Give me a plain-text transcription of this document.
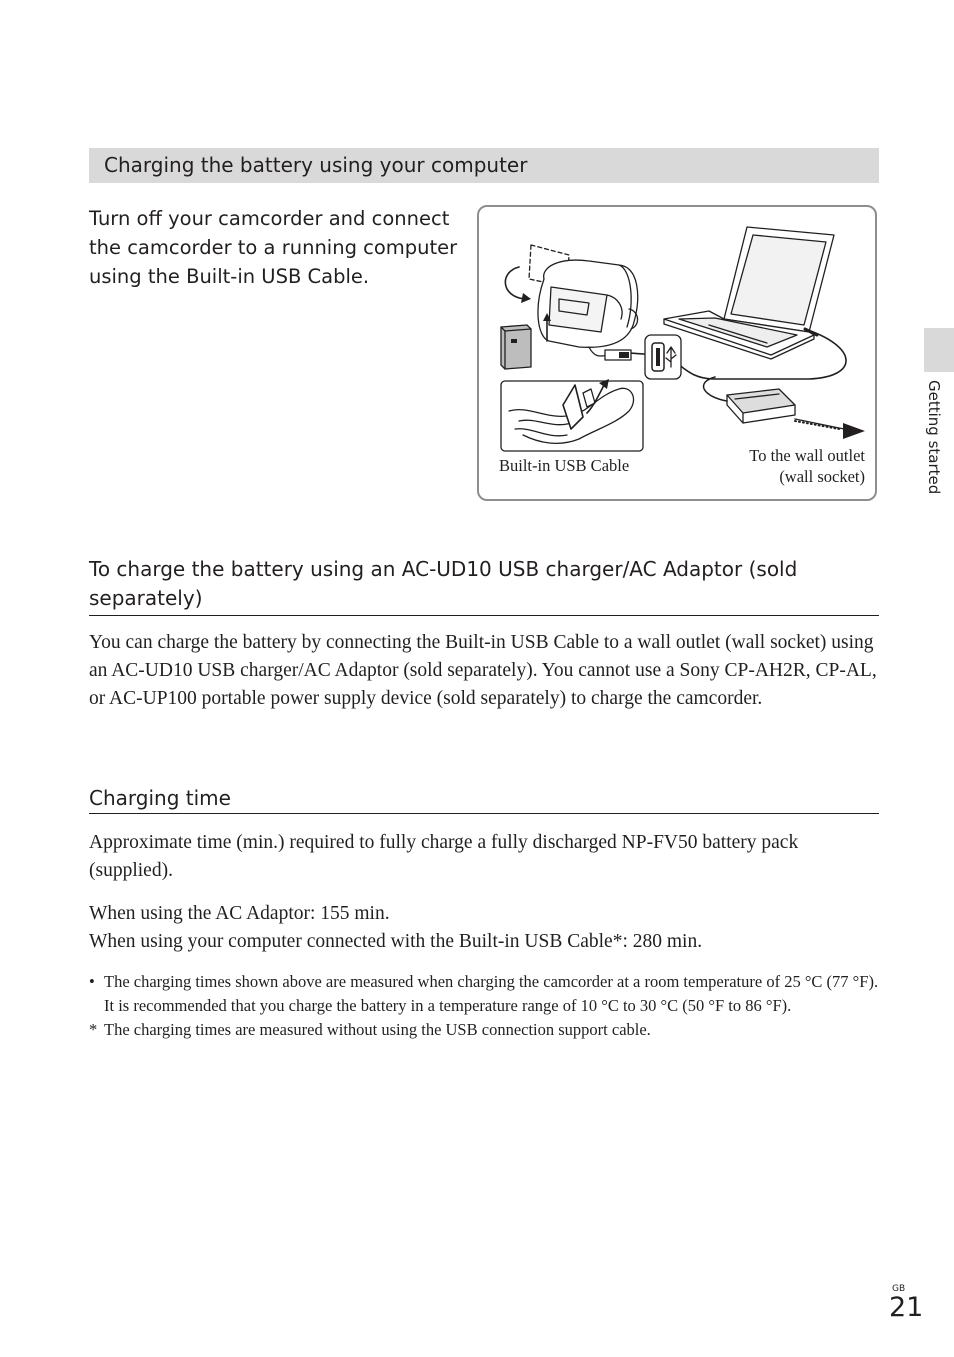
Charging the battery using your computer

Turn off your camcorder and connect the camcorder to a running computer using the Built-in USB Cable.

Built-in USB Cable
To the wall outlet
(wall socket)
To charge the battery using an AC-UD10 USB charger/AC Adaptor (sold separately)

You can charge the battery by connecting the Built-in USB Cable to a wall outlet (wall socket) using an AC-UD10 USB charger/AC Adaptor (sold separately). You cannot use a Sony CP-AH2R, CP-AL, or AC-UP100 portable power supply device (sold separately) to charge the camcorder.

Charging time

Approximate time (min.) required to fully charge a fully discharged NP-FV50 battery pack (supplied).

When using the AC Adaptor: 155 min.

When using your computer connected with the Built-in USB Cable*: 280 min.

• The charging times shown above are measured when charging the camcorder at a room temperature of 25 °C (77 °F). It is recommended that you charge the battery in a temperature range of 10 °C to 30 °C (50 °F to 86 °F).
* The charging times are measured without using the USB connection support cable.
Getting started
GB
21
